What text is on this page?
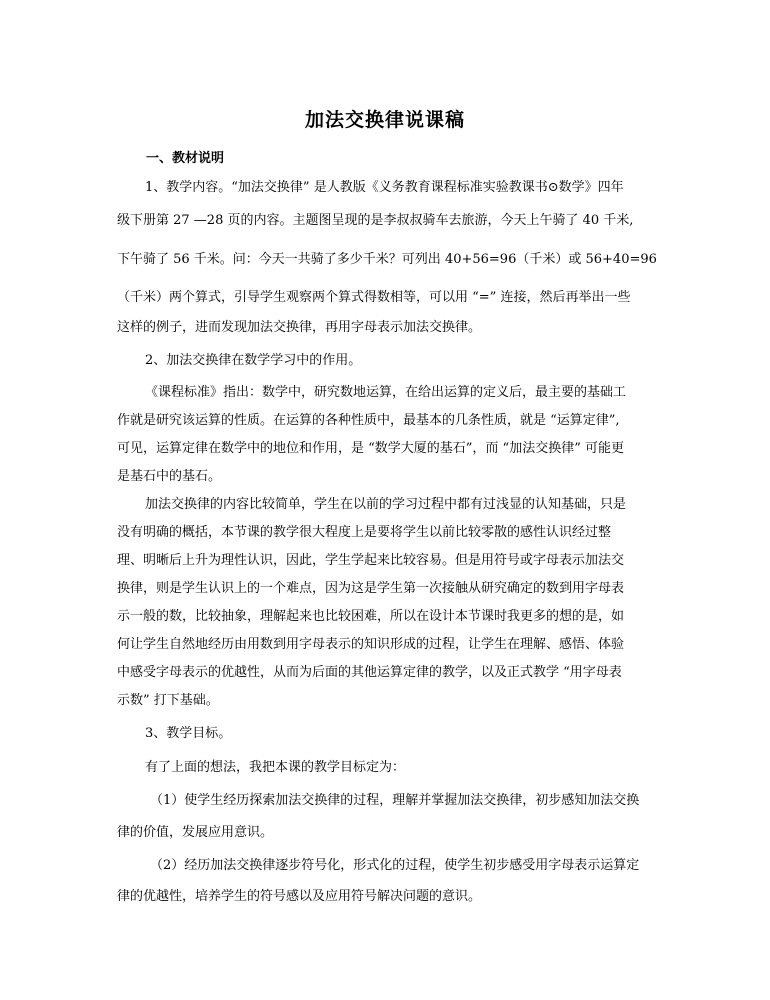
加法交换律说课稿
一、教材说明
1、教学内容。“加法交换律” 是人教版《义务教育课程标准实验教课书⊙数学》四年
级下册第 27 —28 页的内容。主题图呈现的是李叔叔骑车去旅游，今天上午骑了 40 千米,
下午骑了 56 千米。问：今天一共骑了多少千米？可列出 40+56=96（千米）或 56+40=96
（千米）两个算式，引导学生观察两个算式得数相等，可以用 “=” 连接，然后再举出一些
这样的例子，进而发现加法交换律，再用字母表示加法交换律。
2、加法交换律在数学学习中的作用。
《课程标准》指出：数学中，研究数地运算，在给出运算的定义后，最主要的基础工
作就是研究该运算的性质。在运算的各种性质中，最基本的几条性质，就是 “运算定律”,
可见，运算定律在数学中的地位和作用，是 “数学大厦的基石”，而 “加法交换律” 可能更
是基石中的基石。
加法交换律的内容比较简单，学生在以前的学习过程中都有过浅显的认知基础，只是
没有明确的概括，本节课的教学很大程度上是要将学生以前比较零散的感性认识经过整
理、明晰后上升为理性认识，因此，学生学起来比较容易。但是用符号或字母表示加法交
换律，则是学生认识上的一个难点，因为这是学生第一次接触从研究确定的数到用字母表
示一般的数，比较抽象，理解起来也比较困难，所以在设计本节课时我更多的想的是，如
何让学生自然地经历由用数到用字母表示的知识形成的过程，让学生在理解、感悟、体验
中感受字母表示的优越性，从而为后面的其他运算定律的教学，以及正式教学 “用字母表
示数” 打下基础。
3、教学目标。
有了上面的想法，我把本课的教学目标定为：
（1）使学生经历探索加法交换律的过程，理解并掌握加法交换律，初步感知加法交换
律的价值，发展应用意识。
（2）经历加法交换律逐步符号化，形式化的过程，使学生初步感受用字母表示运算定
律的优越性，培养学生的符号感以及应用符号解决问题的意识。
